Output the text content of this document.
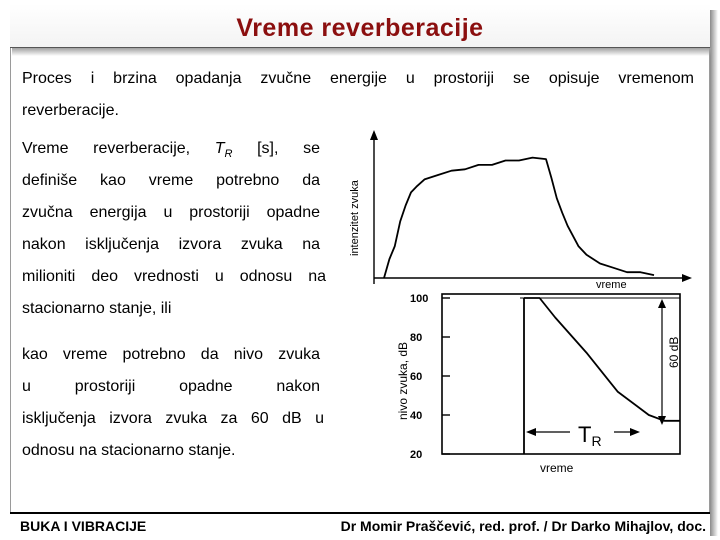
Vreme reverberacije
Proces i brzina opadanja zvučne energije u prostoriji se opisuje vremenom
reverberacije.
Vreme reverberacije, $T_R$ [s], se
definiše kao vreme potrebno da
zvučna energija u prostoriji opadne
nakon isključenja izvora zvuka na
milioniti deo vrednosti u odnosu na
stacionarno stanje, ili
kao vreme potrebno da nivo zvuka
u	prostoriji	opadne	nakon
isključenja izvora zvuka za 60 dB u
odnosu na stacionarno stanje.
intenzitet zvuka
vreme
nivo zvuka, dB
vreme
20
40
60
80
100
60 dB
TR
BUKA I VIBRACIJE	Dr Momir Praščević, red. prof. / Dr Darko Mihajlov, doc.
